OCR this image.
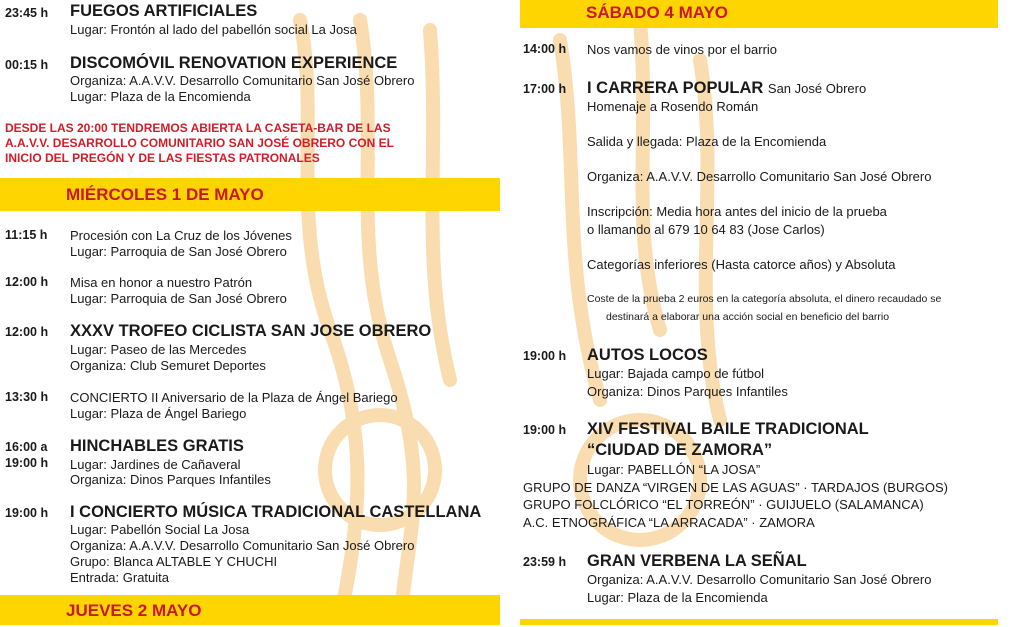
23:45 h FUEGOS ARTIFICIALES
Lugar: Frontón al lado del pabellón social La Josa
00:15 h DISCOMÓVIL RENOVATION EXPERIENCE
Organiza: A.A.V.V. Desarrollo Comunitario San José Obrero
Lugar: Plaza de la Encomienda
DESDE LAS 20:00 TENDREMOS ABIERTA LA CASETA-BAR DE LAS
A.A.V.V. DESARROLLO COMUNITARIO SAN JOSÉ OBRERO CON EL
INICIO DEL PREGÓN Y DE LAS FIESTAS PATRONALES
MIÉRCOLES 1 DE MAYO
11:15 h Procesión con La Cruz de los Jóvenes
Lugar: Parroquia de San José Obrero
12:00 h Misa en honor a nuestro Patrón
Lugar: Parroquia de San José Obrero
12:00 h XXXV TROFEO CICLISTA SAN JOSE OBRERO
Lugar: Paseo de las Mercedes
Organiza: Club Semuret Deportes
13:30 h CONCIERTO II Aniversario de la Plaza de Ángel Bariego
Lugar: Plaza de Ángel Bariego
16:00 a
19:00 h
HINCHABLES GRATIS
Lugar: Jardines de Cañaveral
Organiza: Dinos Parques Infantiles
19:00 h I CONCIERTO MÚSICA TRADICIONAL CASTELLANA
Lugar: Pabellón Social La Josa
Organiza: A.A.V.V. Desarrollo Comunitario San José Obrero
Grupo: Blanca ALTABLE Y CHUCHI
Entrada: Gratuita
JUEVES 2 MAYO
SÁBADO 4 MAYO
14:00 h Nos vamos de vinos por el barrio
17:00 h I CARRERA POPULAR San José Obrero
Homenaje a Rosendo Román
Salida y llegada: Plaza de la Encomienda
Organiza: A.A.V.V. Desarrollo Comunitario San José Obrero
Inscripción: Media hora antes del inicio de la prueba
o llamando al 679 10 64 83 (Jose Carlos)
Categorías inferiores (Hasta catorce años) y Absoluta
Coste de la prueba 2 euros en la categoría absoluta, el dinero recaudado se
destinará a elaborar una acción social en beneficio del barrio
19:00 h AUTOS LOCOS
Lugar: Bajada campo de fútbol
Organiza: Dinos Parques Infantiles
19:00 h XIV FESTIVAL BAILE TRADICIONAL
“CIUDAD DE ZAMORA”
Lugar: PABELLÓN “LA JOSA”
GRUPO DE DANZA “VIRGEN DE LAS AGUAS” · TARDAJOS (BURGOS)
GRUPO FOLCLÓRICO “EL TORREÓN” · GUIJUELO (SALAMANCA)
A.C. ETNOGRÁFICA “LA ARRACADA” · ZAMORA
23:59 h GRAN VERBENA LA SEÑAL
Organiza: A.A.V.V. Desarrollo Comunitario San José Obrero
Lugar: Plaza de la Encomienda
